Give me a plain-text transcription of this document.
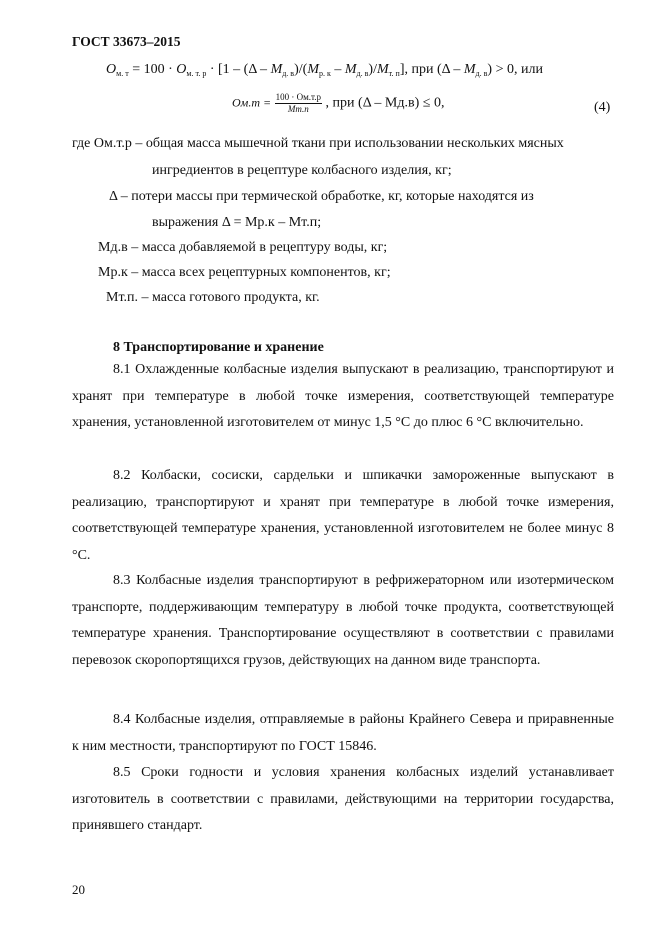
ГОСТ 33673–2015
$O_{м. т} = 100 \cdot O_{м. т. р} \cdot [1 - (\Delta - M_{д. в})/(M_{р. к} - M_{д. в})/M_{т. п}]$, при $(\Delta - M_{д. в}) > 0$, или
$Oм.т = \frac{100 \cdot Oм.т.р}{Mт.п}$ , при (Δ – Mд.в) ≤ 0,	(4)
где Oм.т.р – общая масса мышечной ткани при использовании нескольких мясных
ингредиентов в рецептуре колбасного изделия, кг;
Δ – потери массы при термической обработке, кг, которые находятся из
выражения Δ = Mр.к – Mт.п;
Mд.в – масса добавляемой в рецептуру воды, кг;
Mр.к – масса всех рецептурных компонентов, кг;
Mт.п. – масса готового продукта, кг.
8 Транспортирование и хранение
8.1 Охлажденные колбасные изделия выпускают в реализацию, транспортируют и хранят при температуре в любой точке измерения, соответствующей температуре хранения, установленной изготовителем от минус 1,5 °С до плюс 6 °С включительно.
8.2 Колбаски, сосиски, сардельки и шпикачки замороженные выпускают в реализацию, транспортируют и хранят при температуре в любой точке измерения, соответствующей температуре хранения, установленной изготовителем не более минус 8 °С.
8.3 Колбасные изделия транспортируют в рефрижераторном или изотермическом транспорте, поддерживающим температуру в любой точке продукта, соответствующей температуре хранения. Транспортирование осуществляют в соответствии с правилами перевозок скоропортящихся грузов, действующих на данном виде транспорта.
8.4 Колбасные изделия, отправляемые в районы Крайнего Севера и приравненные к ним местности, транспортируют по ГОСТ 15846.
8.5 Сроки годности и условия хранения колбасных изделий устанавливает изготовитель в соответствии с правилами, действующими на территории государства, принявшего стандарт.
20
